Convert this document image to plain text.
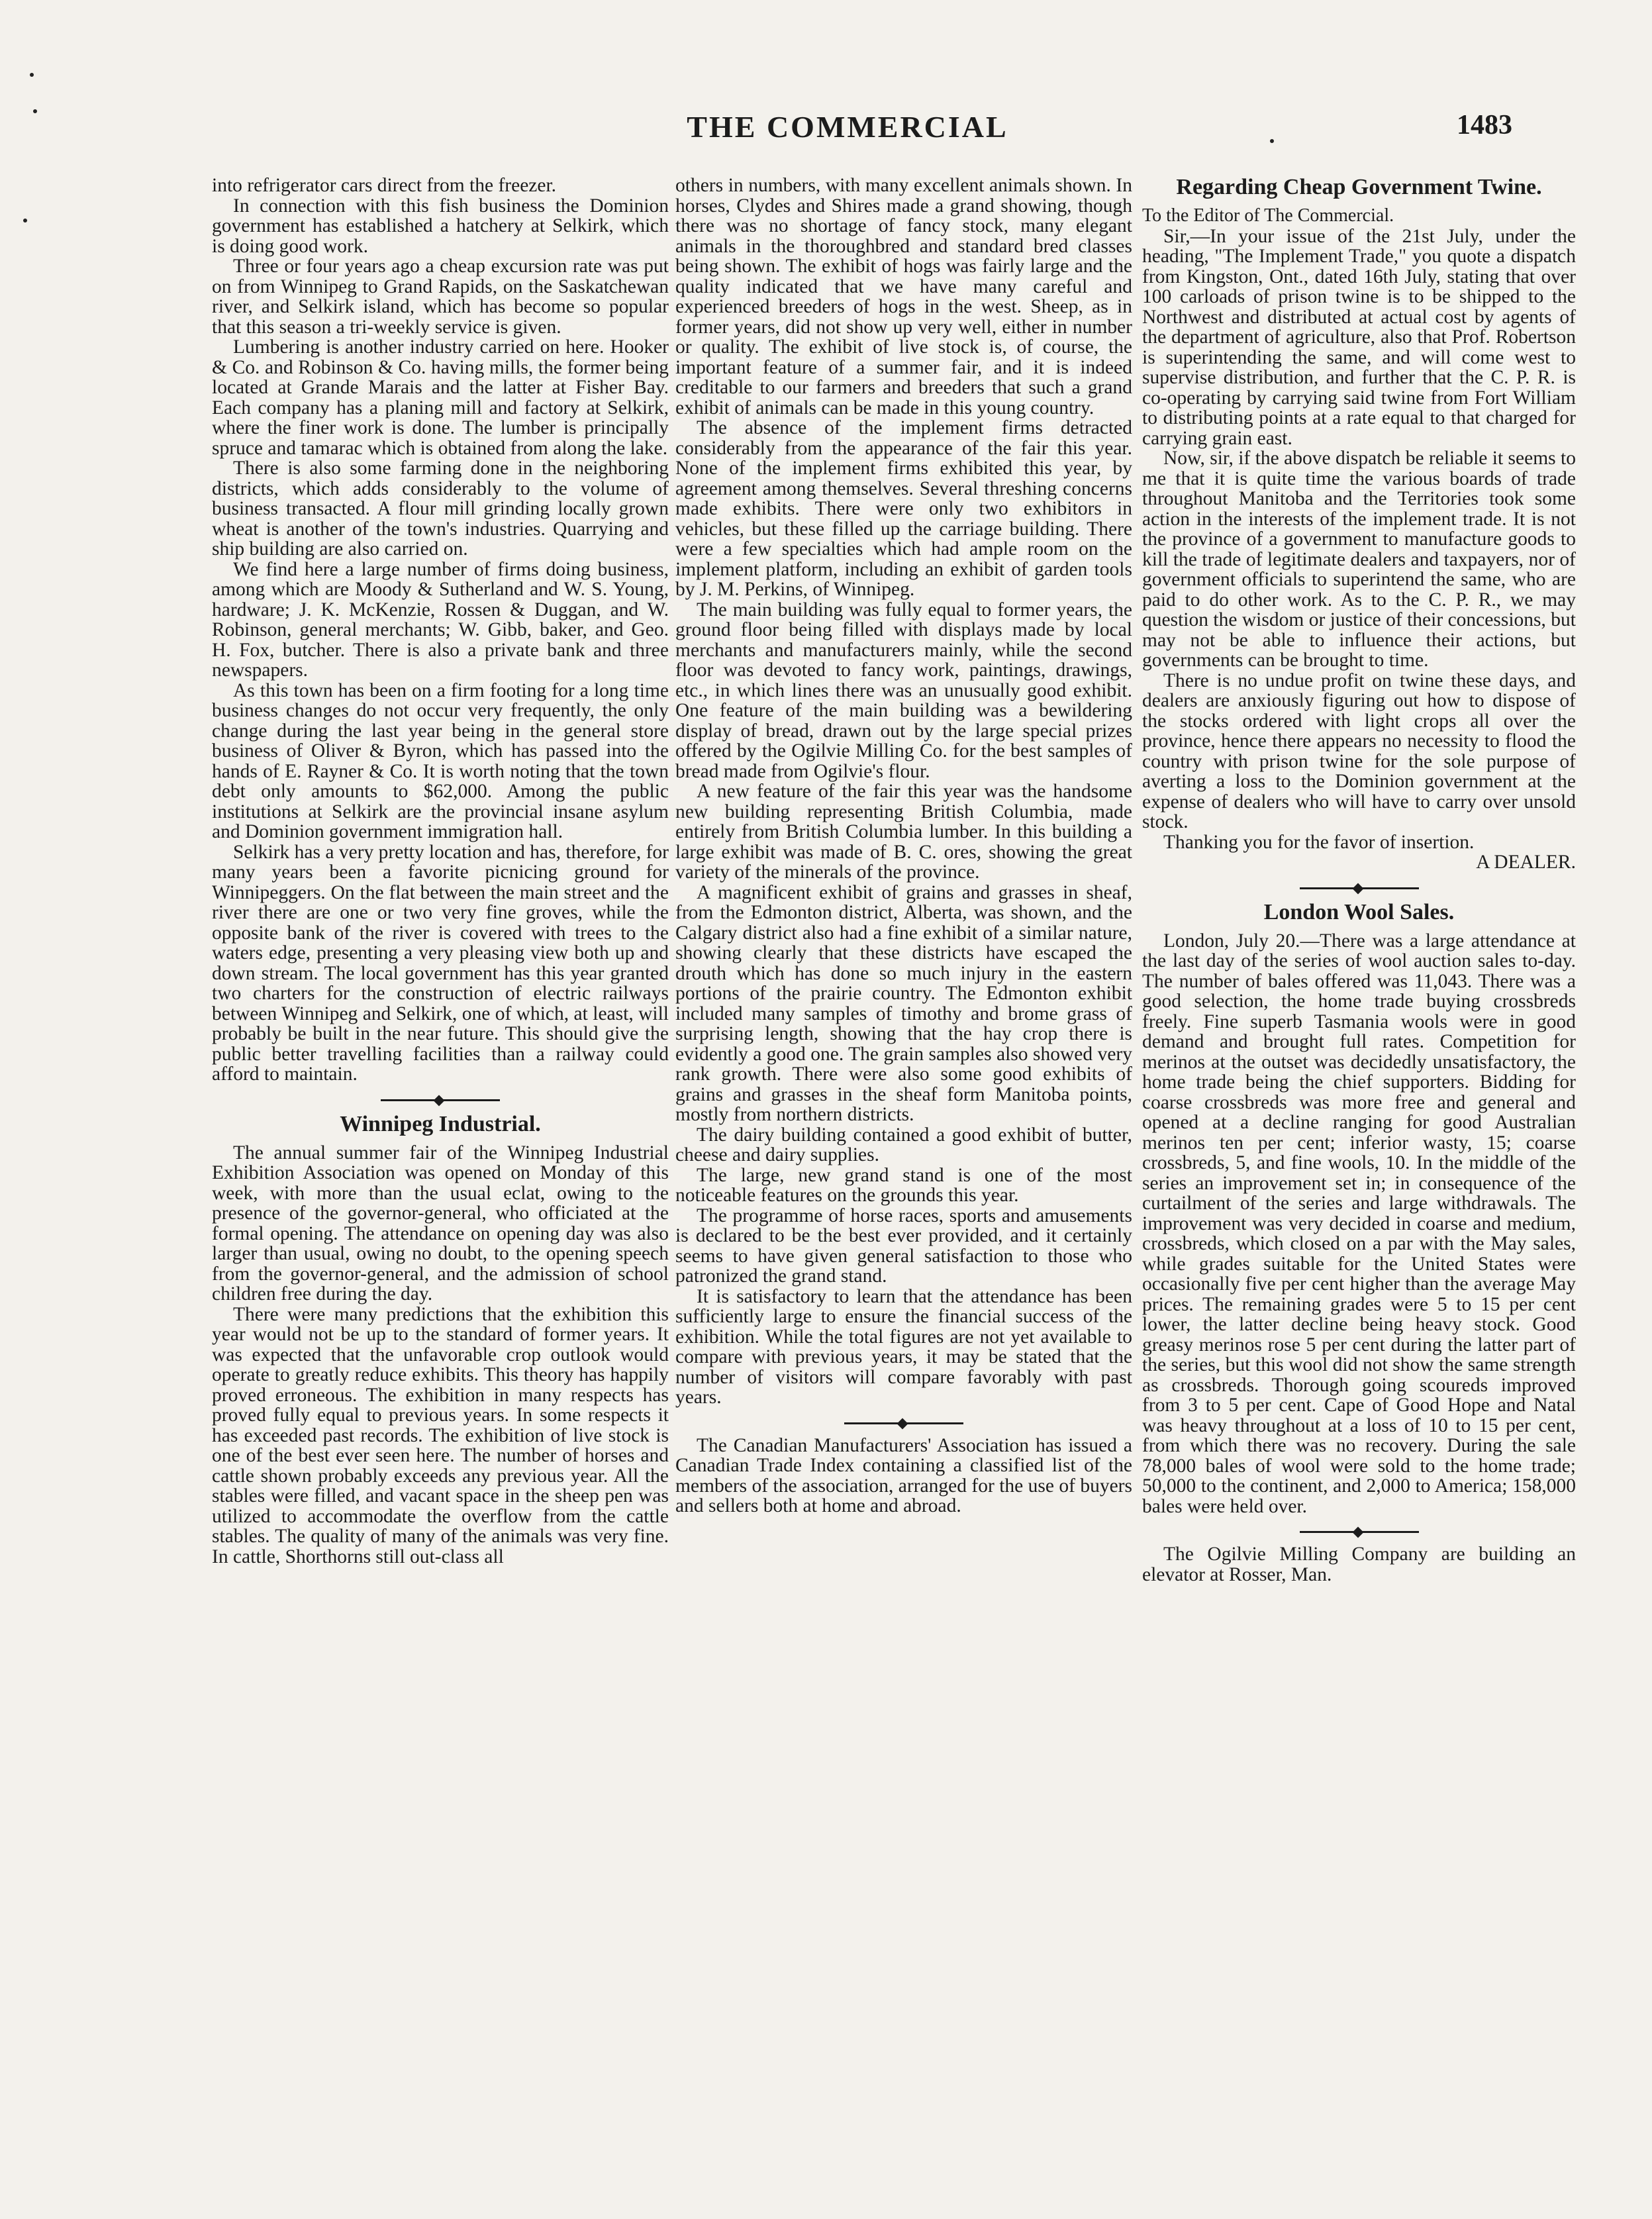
THE COMMERCIAL	1483

into refrigerator cars direct from the freezer.

In connection with this fish business the Dominion government has established a hatchery at Selkirk, which is doing good work.

Three or four years ago a cheap excursion rate was put on from Winnipeg to Grand Rapids, on the Saskatchewan river, and Selkirk island, which has become so popular that this season a tri-weekly service is given.

Lumbering is another industry carried on here. Hooker & Co. and Robinson & Co. having mills, the former being located at Grande Marais and the latter at Fisher Bay. Each company has a planing mill and factory at Selkirk, where the finer work is done. The lumber is principally spruce and tamarac which is obtained from along the lake.

There is also some farming done in the neighboring districts, which adds considerably to the volume of business transacted. A flour mill grinding locally grown wheat is another of the town's industries. Quarrying and ship building are also carried on.

We find here a large number of firms doing business, among which are Moody & Sutherland and W. S. Young, hardware; J. K. McKenzie, Rossen & Duggan, and W. Robinson, general merchants; W. Gibb, baker, and Geo. H. Fox, butcher. There is also a private bank and three newspapers.

As this town has been on a firm footing for a long time business changes do not occur very frequently, the only change during the last year being in the general store business of Oliver & Byron, which has passed into the hands of E. Rayner & Co. It is worth noting that the town debt only amounts to $62,000. Among the public institutions at Selkirk are the provincial insane asylum and Dominion government immigration hall.

Selkirk has a very pretty location and has, therefore, for many years been a favorite picnicing ground for Winnipeggers. On the flat between the main street and the river there are one or two very fine groves, while the opposite bank of the river is covered with trees to the waters edge, presenting a very pleasing view both up and down stream. The local government has this year granted two charters for the construction of electric railways between Winnipeg and Selkirk, one of which, at least, will probably be built in the near future. This should give the public better travelling facilities than a railway could afford to maintain.

Winnipeg Industrial.

The annual summer fair of the Winnipeg Industrial Exhibition Association was opened on Monday of this week, with more than the usual eclat, owing to the presence of the governor-general, who officiated at the formal opening. The attendance on opening day was also larger than usual, owing no doubt, to the opening speech from the governor-general, and the admission of school children free during the day.

There were many predictions that the exhibition this year would not be up to the standard of former years. It was expected that the unfavorable crop outlook would operate to greatly reduce exhibits. This theory has happily proved erroneous. The exhibition in many respects has proved fully equal to previous years. In some respects it has exceeded past records. The exhibition of live stock is one of the best ever seen here. The number of horses and cattle shown probably exceeds any previous year. All the stables were filled, and vacant space in the sheep pen was utilized to accommodate the overflow from the cattle stables. The quality of many of the animals was very fine. In cattle, Shorthorns still out-class all

others in numbers, with many excellent animals shown. In horses, Clydes and Shires made a grand showing, though there was no shortage of fancy stock, many elegant animals in the thoroughbred and standard bred classes being shown. The exhibit of hogs was fairly large and the quality indicated that we have many careful and experienced breeders of hogs in the west. Sheep, as in former years, did not show up very well, either in number or quality. The exhibit of live stock is, of course, the important feature of a summer fair, and it is indeed creditable to our farmers and breeders that such a grand exhibit of animals can be made in this young country.

The absence of the implement firms detracted considerably from the appearance of the fair this year. None of the implement firms exhibited this year, by agreement among themselves. Several threshing concerns made exhibits. There were only two exhibitors in vehicles, but these filled up the carriage building. There were a few specialties which had ample room on the implement platform, including an exhibit of garden tools by J. M. Perkins, of Winnipeg.

The main building was fully equal to former years, the ground floor being filled with displays made by local merchants and manufacturers mainly, while the second floor was devoted to fancy work, paintings, drawings, etc., in which lines there was an unusually good exhibit. One feature of the main building was a bewildering display of bread, drawn out by the large special prizes offered by the Ogilvie Milling Co. for the best samples of bread made from Ogilvie's flour.

A new feature of the fair this year was the handsome new building representing British Columbia, made entirely from British Columbia lumber. In this building a large exhibit was made of B. C. ores, showing the great variety of the minerals of the province.

A magnificent exhibit of grains and grasses in sheaf, from the Edmonton district, Alberta, was shown, and the Calgary district also had a fine exhibit of a similar nature, showing clearly that these districts have escaped the drouth which has done so much injury in the eastern portions of the prairie country. The Edmonton exhibit included many samples of timothy and brome grass of surprising length, showing that the hay crop there is evidently a good one. The grain samples also showed very rank growth. There were also some good exhibits of grains and grasses in the sheaf form Manitoba points, mostly from northern districts.

The dairy building contained a good exhibit of butter, cheese and dairy supplies.

The large, new grand stand is one of the most noticeable features on the grounds this year.

The programme of horse races, sports and amusements is declared to be the best ever provided, and it certainly seems to have given general satisfaction to those who patronized the grand stand.

It is satisfactory to learn that the attendance has been sufficiently large to ensure the financial success of the exhibition. While the total figures are not yet available to compare with previous years, it may be stated that the number of visitors will compare favorably with past years.

The Canadian Manufacturers' Association has issued a Canadian Trade Index containing a classified list of the members of the association, arranged for the use of buyers and sellers both at home and abroad.

Regarding Cheap Government Twine.

To the Editor of The Commercial.

Sir,—In your issue of the 21st July, under the heading, "The Implement Trade," you quote a dispatch from Kingston, Ont., dated 16th July, stating that over 100 carloads of prison twine is to be shipped to the Northwest and distributed at actual cost by agents of the department of agriculture, also that Prof. Robertson is superintending the same, and will come west to supervise distribution, and further that the C. P. R. is co-operating by carrying said twine from Fort William to distributing points at a rate equal to that charged for carrying grain east.

Now, sir, if the above dispatch be reliable it seems to me that it is quite time the various boards of trade throughout Manitoba and the Territories took some action in the interests of the implement trade. It is not the province of a government to manufacture goods to kill the trade of legitimate dealers and taxpayers, nor of government officials to superintend the same, who are paid to do other work. As to the C. P. R., we may question the wisdom or justice of their concessions, but may not be able to influence their actions, but governments can be brought to time.

There is no undue profit on twine these days, and dealers are anxiously figuring out how to dispose of the stocks ordered with light crops all over the province, hence there appears no necessity to flood the country with prison twine for the sole purpose of averting a loss to the Dominion government at the expense of dealers who will have to carry over unsold stock.

Thanking you for the favor of insertion.

A DEALER.

London Wool Sales.

London, July 20.—There was a large attendance at the last day of the series of wool auction sales to-day. The number of bales offered was 11,043. There was a good selection, the home trade buying crossbreds freely. Fine superb Tasmania wools were in good demand and brought full rates. Competition for merinos at the outset was decidedly unsatisfactory, the home trade being the chief supporters. Bidding for coarse crossbreds was more free and general and opened at a decline ranging for good Australian merinos ten per cent; inferior wasty, 15; coarse crossbreds, 5, and fine wools, 10. In the middle of the series an improvement set in; in consequence of the curtailment of the series and large withdrawals. The improvement was very decided in coarse and medium, crossbreds, which closed on a par with the May sales, while grades suitable for the United States were occasionally five per cent higher than the average May prices. The remaining grades were 5 to 15 per cent lower, the latter decline being heavy stock. Good greasy merinos rose 5 per cent during the latter part of the series, but this wool did not show the same strength as crossbreds. Thorough going scoureds improved from 3 to 5 per cent. Cape of Good Hope and Natal was heavy throughout at a loss of 10 to 15 per cent, from which there was no recovery. During the sale 78,000 bales of wool were sold to the home trade; 50,000 to the continent, and 2,000 to America; 158,000 bales were held over.

The Ogilvie Milling Company are building an elevator at Rosser, Man.
